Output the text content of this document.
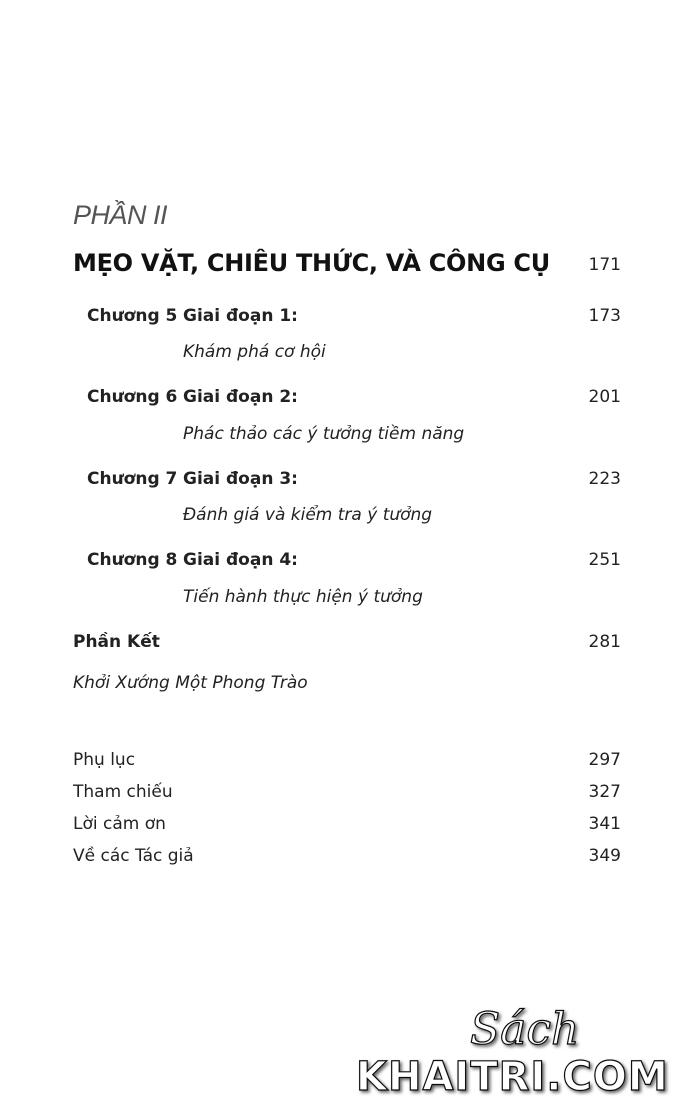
PHẦN II
MẸO VẶT, CHIÊU THỨC, VÀ CÔNG CỤ 171
Chương 5 Giai đoạn 1:	173
Khám phá cơ hội
Chương 6 Giai đoạn 2:	201
Phác thảo các ý tưởng tiềm năng
Chương 7 Giai đoạn 3:	223
Đánh giá và kiểm tra ý tưởng
Chương 8 Giai đoạn 4:	251
Tiến hành thực hiện ý tưởng
Phần Kết	281
Khởi Xướng Một Phong Trào
Phụ lục	297
Tham chiếu	327
Lời cảm ơn	341
Về các Tác giả	349
Sách
KHAITRI.COM
